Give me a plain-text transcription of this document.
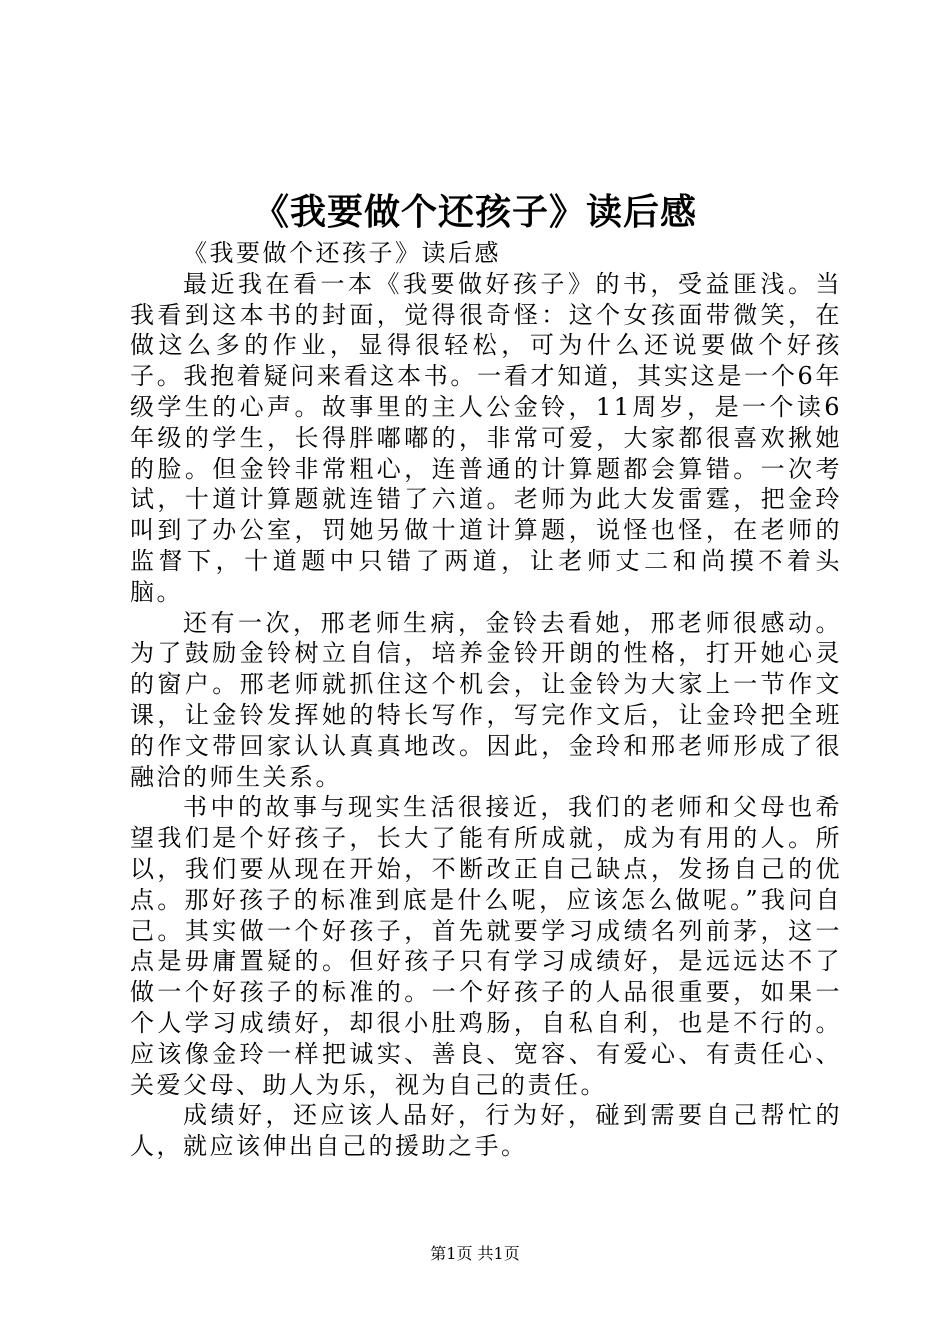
《我要做个还孩子》读后感

《我要做个还孩子》读后感

最近我在看一本《我要做好孩子》的书，受益匪浅。当我看到这本书的封面，觉得很奇怪：这个女孩面带微笑，在做这么多的作业，显得很轻松，可为什么还说要做个好孩子。我抱着疑问来看这本书。一看才知道，其实这是一个6年级学生的心声。故事里的主人公金铃，11周岁，是一个读6年级的学生，长得胖嘟嘟的，非常可爱，大家都很喜欢揪她的脸。但金铃非常粗心，连普通的计算题都会算错。一次考试，十道计算题就连错了六道。老师为此大发雷霆，把金玲叫到了办公室，罚她另做十道计算题，说怪也怪，在老师的监督下，十道题中只错了两道，让老师丈二和尚摸不着头脑。

还有一次，邢老师生病，金铃去看她，邢老师很感动。为了鼓励金铃树立自信，培养金铃开朗的性格，打开她心灵的窗户。邢老师就抓住这个机会，让金铃为大家上一节作文课，让金铃发挥她的特长写作，写完作文后，让金玲把全班的作文带回家认认真真地改。因此，金玲和邢老师形成了很融洽的师生关系。

书中的故事与现实生活很接近，我们的老师和父母也希望我们是个好孩子，长大了能有所成就，成为有用的人。所以，我们要从现在开始，不断改正自己缺点，发扬自己的优点。那好孩子的标准到底是什么呢，应该怎么做呢。”我问自己。其实做一个好孩子，首先就要学习成绩名列前茅，这一点是毋庸置疑的。但好孩子只有学习成绩好，是远远达不了做一个好孩子的标准的。一个好孩子的人品很重要，如果一个人学习成绩好，却很小肚鸡肠，自私自利，也是不行的。应该像金玲一样把诚实、善良、宽容、有爱心、有责任心、关爱父母、助人为乐，视为自己的责任。

成绩好，还应该人品好，行为好，碰到需要自己帮忙的人，就应该伸出自己的援助之手。

第1页 共1页
